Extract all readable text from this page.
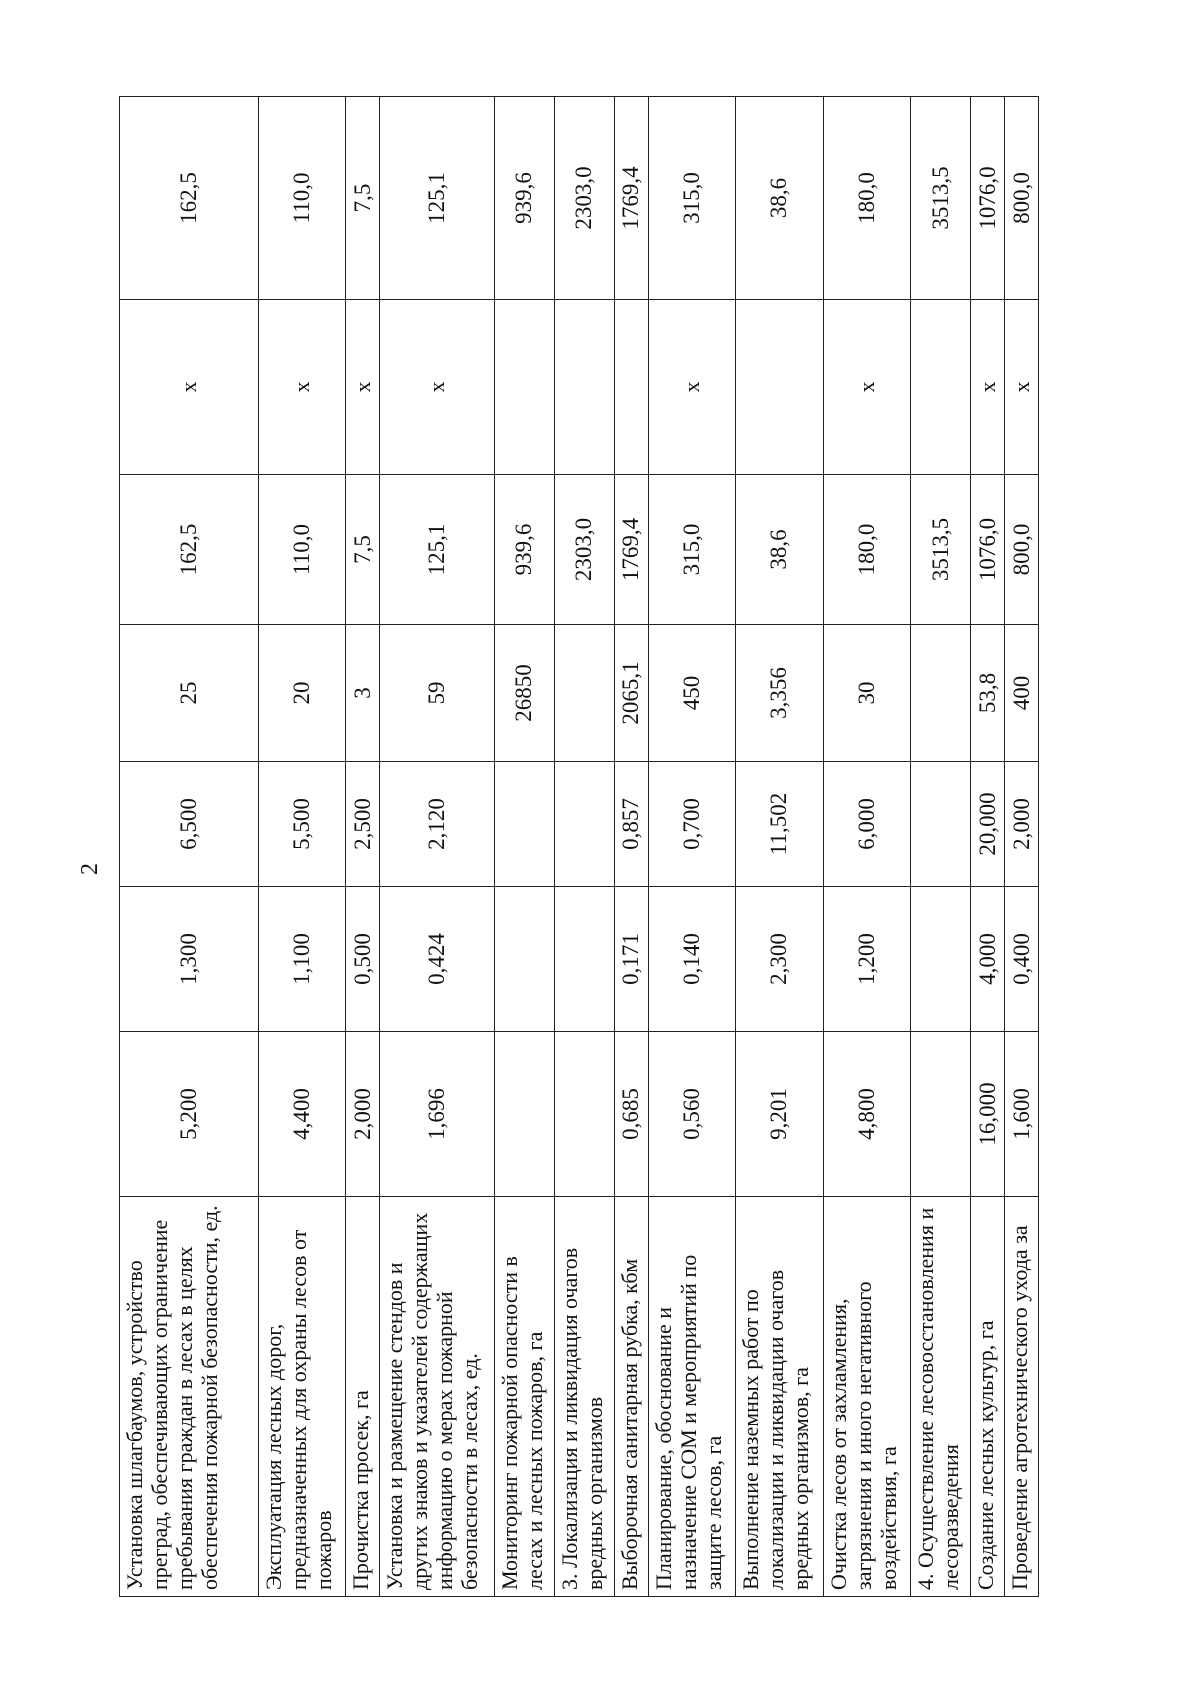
2
Установка шлагбаумов, устройство преград, обеспечивающих ограничение пребывания граждан в лесах в целях обеспечения пожарной безопасности, ед.	5,200	1,300	6,500	25	162,5	x	162,5
Эксплуатация лесных дорог, предназначенных для охраны лесов от пожаров	4,400	1,100	5,500	20	110,0	x	110,0
Прочистка просек, га	2,000	0,500	2,500	3	7,5	x	7,5
Установка и размещение стендов и других знаков и указателей содержащих информацию о мерах пожарной безопасности в лесах, ед.	1,696	0,424	2,120	59	125,1	x	125,1
Мониторинг пожарной опасности в лесах и лесных пожаров, га				26850	939,6		939,6
3. Локализация и ликвидация очагов вредных организмов					2303,0		2303,0
Выборочная санитарная рубка, кбм	0,685	0,171	0,857	2065,1	1769,4		1769,4
Планирование, обоснование и назначение СОМ и мероприятий по защите лесов, га	0,560	0,140	0,700	450	315,0	x	315,0
Выполнение наземных работ по локализации и ликвидации очагов вредных организмов, га	9,201	2,300	11,502	3,356	38,6		38,6
Очистка лесов от захламления, загрязнения и иного негативного воздействия, га	4,800	1,200	6,000	30	180,0	x	180,0
4. Осуществление лесовосстановления и лесоразведения					3513,5		3513,5
Создание лесных культур, га	16,000	4,000	20,000	53,8	1076,0	x	1076,0
Проведение агротехнического ухода за	1,600	0,400	2,000	400	800,0	x	800,0
